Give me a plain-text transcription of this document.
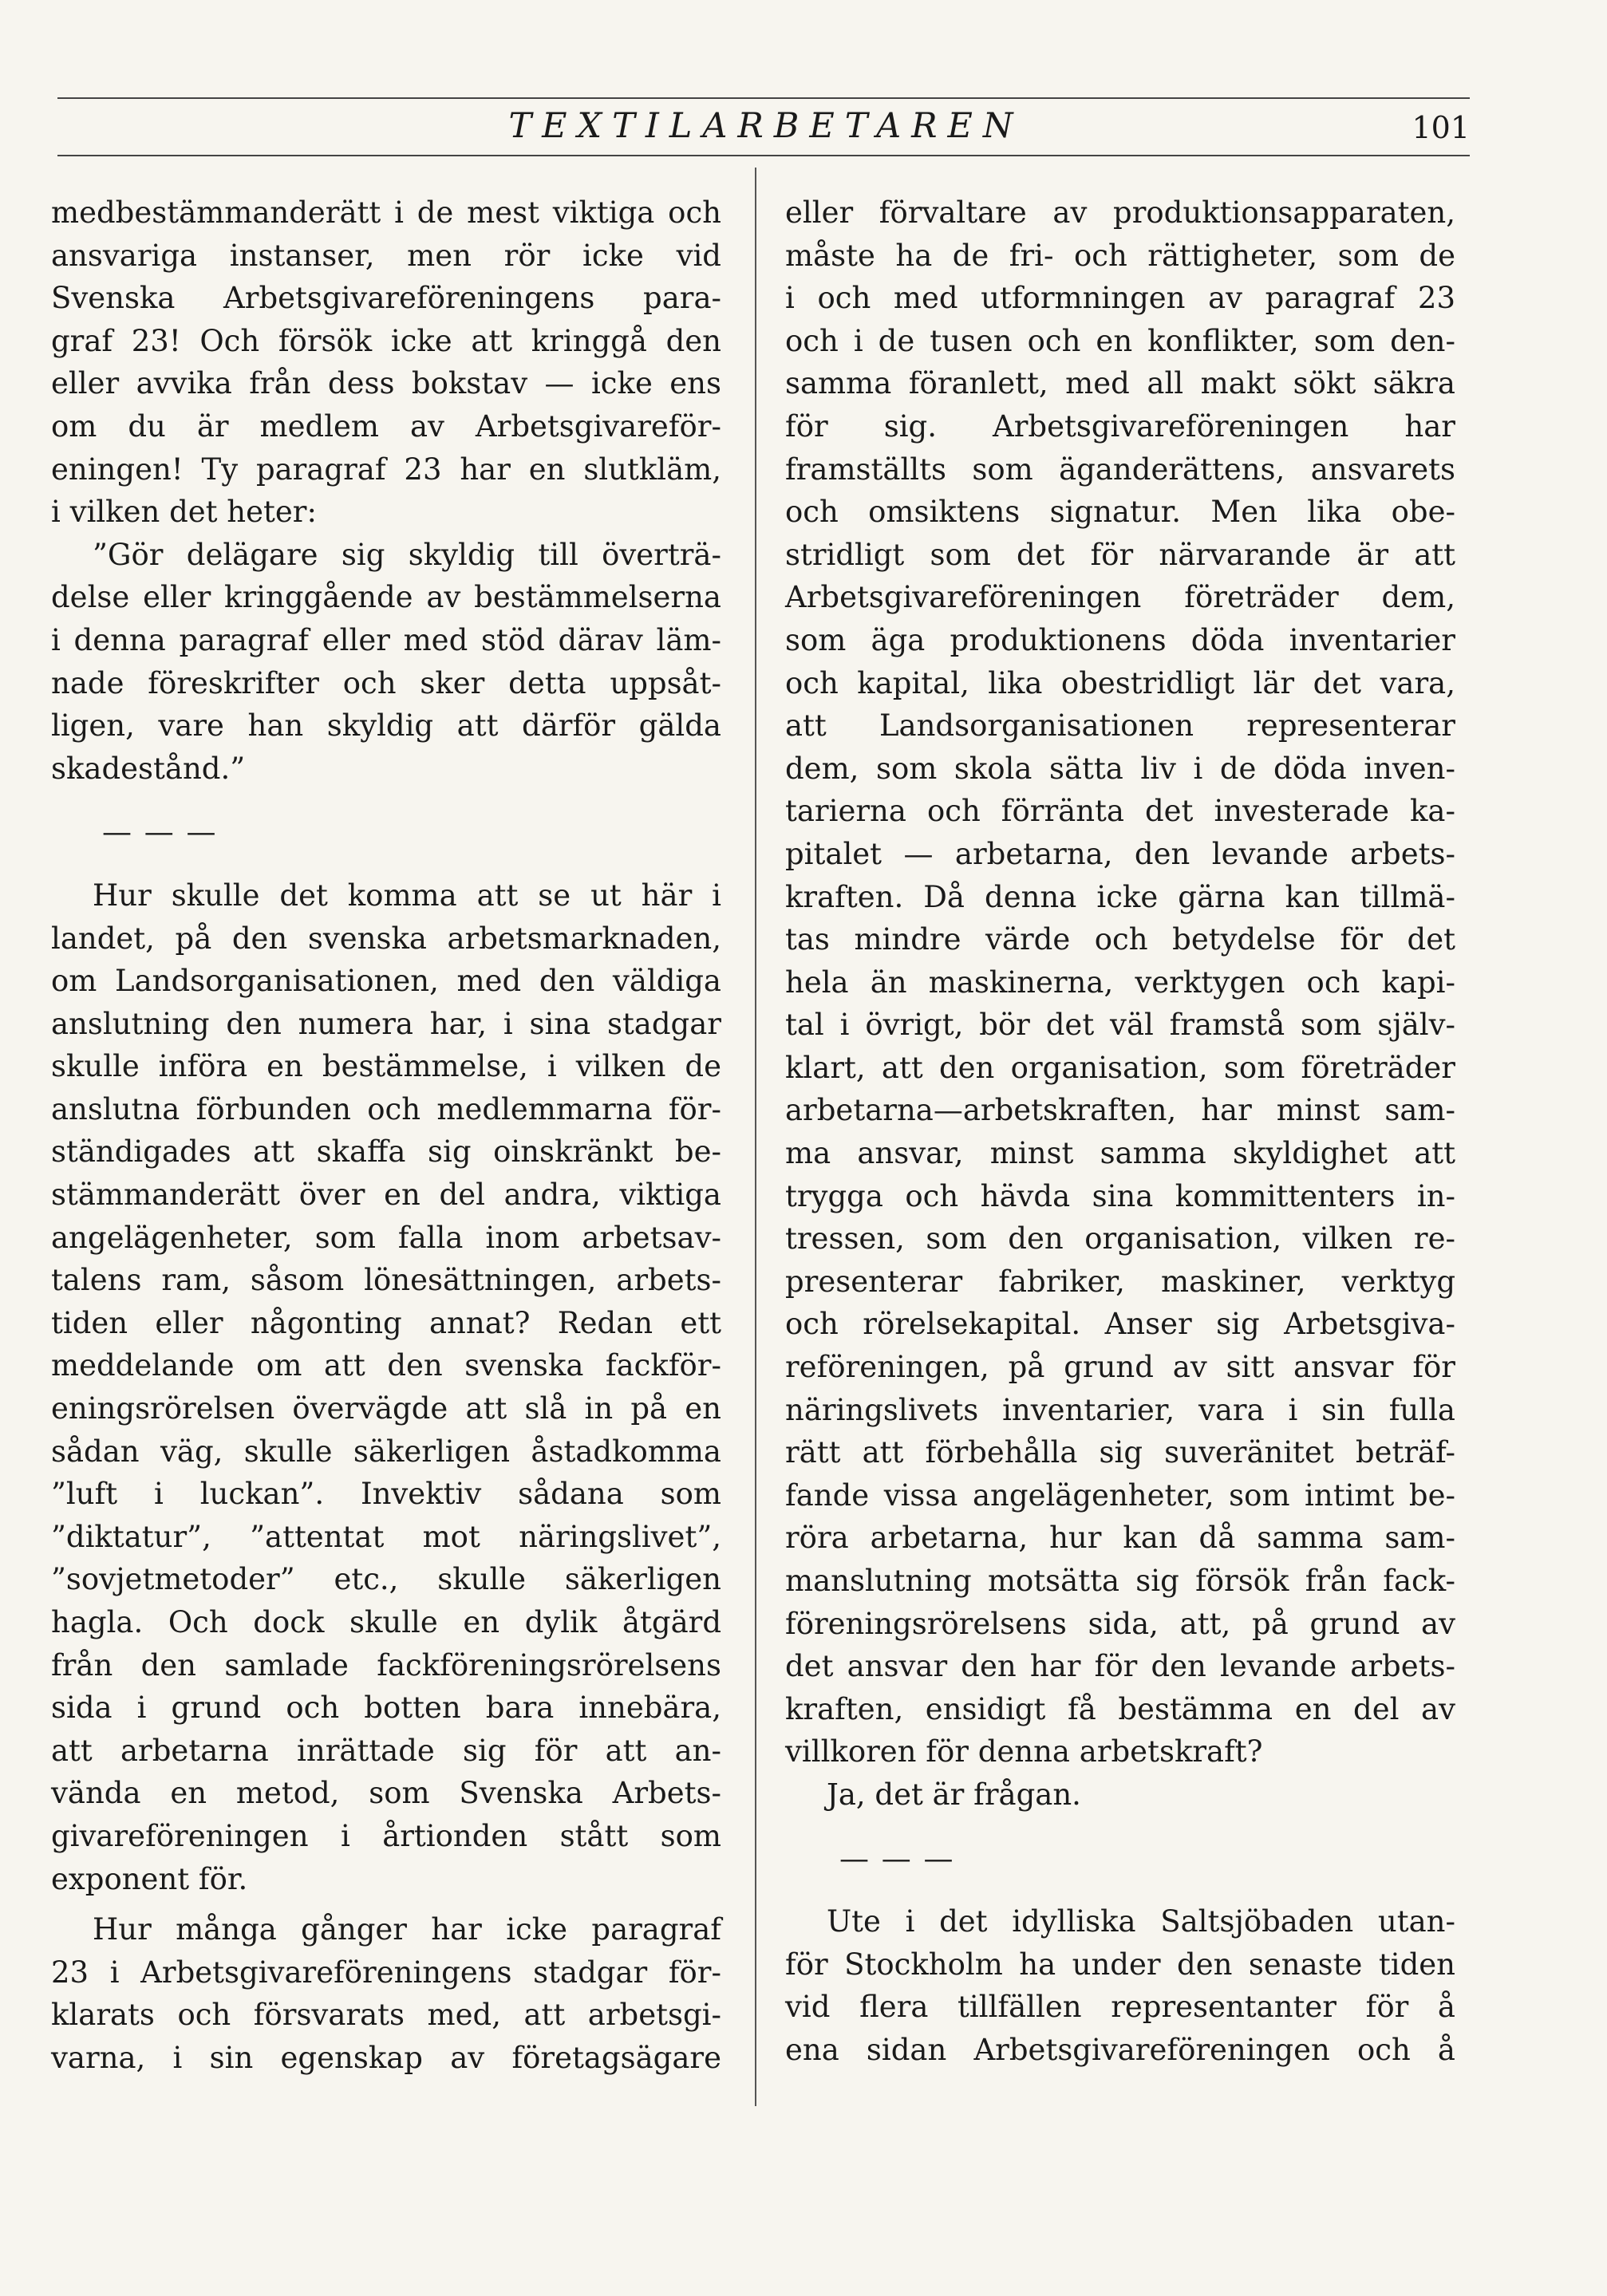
TEXTILARBETAREN	101
medbestämmanderätt i de mest viktiga och
ansvariga instanser, men rör icke vid
Svenska Arbetsgivareföreningens para-
graf 23! Och försök icke att kringgå den
eller avvika från dess bokstav — icke ens
om du är medlem av Arbetsgivareför-
eningen! Ty paragraf 23 har en slutkläm,
i vilken det heter:
”Gör delägare sig skyldig till överträ-
delse eller kringgående av bestämmelserna
i denna paragraf eller med stöd därav läm-
nade föreskrifter och sker detta uppsåt-
ligen, vare han skyldig att därför gälda
skadestånd.”
— — —
Hur skulle det komma att se ut här i
landet, på den svenska arbetsmarknaden,
om Landsorganisationen, med den väldiga
anslutning den numera har, i sina stadgar
skulle införa en bestämmelse, i vilken de
anslutna förbunden och medlemmarna för-
ständigades att skaffa sig oinskränkt be-
stämmanderätt över en del andra, viktiga
angelägenheter, som falla inom arbetsav-
talens ram, såsom lönesättningen, arbets-
tiden eller någonting annat? Redan ett
meddelande om att den svenska fackför-
eningsrörelsen övervägde att slå in på en
sådan väg, skulle säkerligen åstadkomma
”luft i luckan”. Invektiv sådana som
”diktatur”, ”attentat mot näringslivet”,
”sovjetmetoder” etc., skulle säkerligen
hagla. Och dock skulle en dylik åtgärd
från den samlade fackföreningsrörelsens
sida i grund och botten bara innebära,
att arbetarna inrättade sig för att an-
vända en metod, som Svenska Arbets-
givareföreningen i årtionden stått som
exponent för.
Hur många gånger har icke paragraf
23 i Arbetsgivareföreningens stadgar för-
klarats och försvarats med, att arbetsgi-
varna, i sin egenskap av företagsägare
eller förvaltare av produktionsapparaten,
måste ha de fri- och rättigheter, som de
i och med utformningen av paragraf 23
och i de tusen och en konflikter, som den-
samma föranlett, med all makt sökt säkra
för sig. Arbetsgivareföreningen har
framställts som äganderättens, ansvarets
och omsiktens signatur. Men lika obe-
stridligt som det för närvarande är att
Arbetsgivareföreningen företräder dem,
som äga produktionens döda inventarier
och kapital, lika obestridligt lär det vara,
att Landsorganisationen representerar
dem, som skola sätta liv i de döda inven-
tarierna och förränta det investerade ka-
pitalet — arbetarna, den levande arbets-
kraften. Då denna icke gärna kan tillmä-
tas mindre värde och betydelse för det
hela än maskinerna, verktygen och kapi-
tal i övrigt, bör det väl framstå som själv-
klart, att den organisation, som företräder
arbetarna—arbetskraften, har minst sam-
ma ansvar, minst samma skyldighet att
trygga och hävda sina kommittenters in-
tressen, som den organisation, vilken re-
presenterar fabriker, maskiner, verktyg
och rörelsekapital. Anser sig Arbetsgiva-
reföreningen, på grund av sitt ansvar för
näringslivets inventarier, vara i sin fulla
rätt att förbehålla sig suveränitet beträf-
fande vissa angelägenheter, som intimt be-
röra arbetarna, hur kan då samma sam-
manslutning motsätta sig försök från fack-
föreningsrörelsens sida, att, på grund av
det ansvar den har för den levande arbets-
kraften, ensidigt få bestämma en del av
villkoren för denna arbetskraft?
Ja, det är frågan.
— — —
Ute i det idylliska Saltsjöbaden utan-
för Stockholm ha under den senaste tiden
vid flera tillfällen representanter för å
ena sidan Arbetsgivareföreningen och å
